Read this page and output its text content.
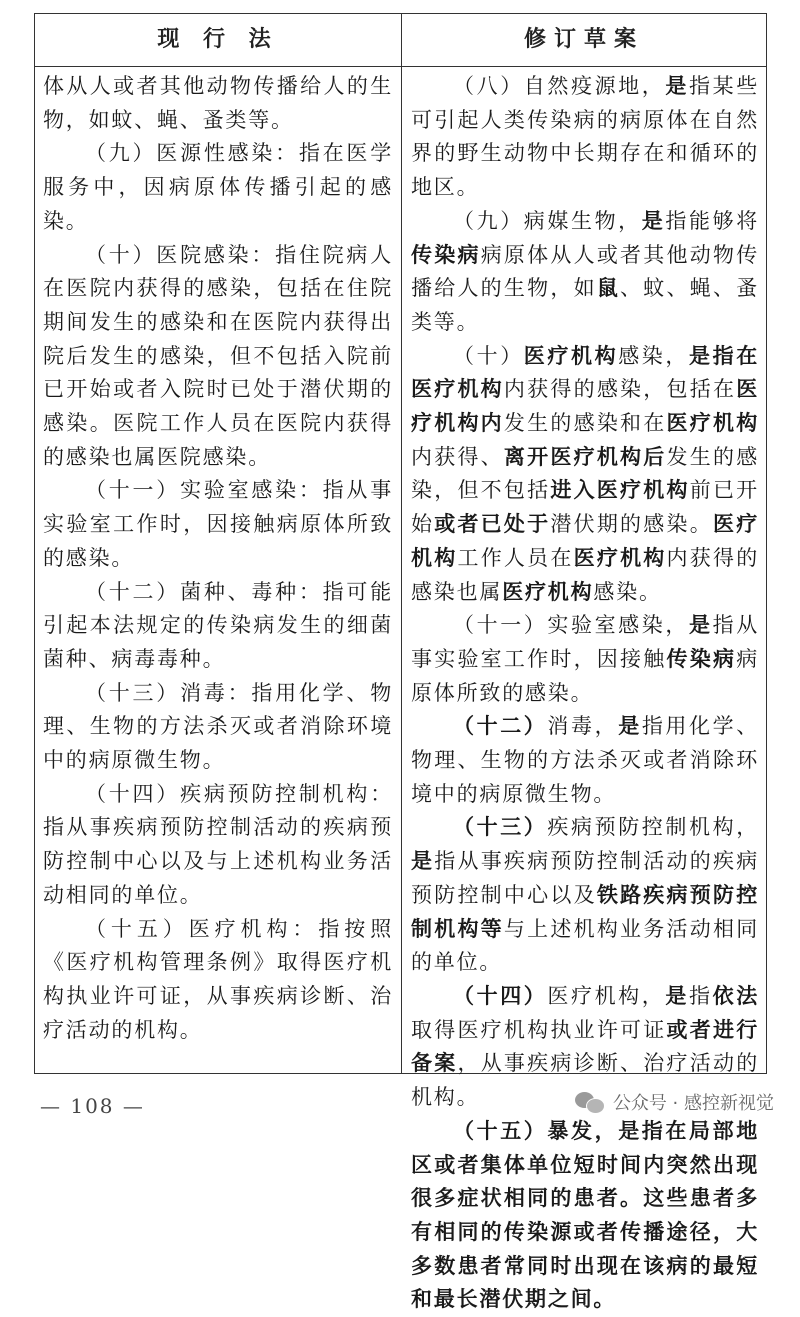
现 行 法	修订草案

体从人或者其他动物传播给人的生物，如蚊、蝇、蚤类等。

（九）医源性感染：指在医学服务中，因病原体传播引起的感染。

（十）医院感染：指住院病人在医院内获得的感染，包括在住院期间发生的感染和在医院内获得出院后发生的感染，但不包括入院前已开始或者入院时已处于潜伏期的感染。医院工作人员在医院内获得的感染也属医院感染。

（十一）实验室感染：指从事实验室工作时，因接触病原体所致的感染。

（十二）菌种、毒种：指可能引起本法规定的传染病发生的细菌菌种、病毒毒种。

（十三）消毒：指用化学、物理、生物的方法杀灭或者消除环境中的病原微生物。

（十四）疾病预防控制机构：指从事疾病预防控制活动的疾病预防控制中心以及与上述机构业务活动相同的单位。

（十五）医疗机构：指按照《医疗机构管理条例》取得医疗机构执业许可证，从事疾病诊断、治疗活动的机构。

（八）自然疫源地，是指某些可引起人类传染病的病原体在自然界的野生动物中长期存在和循环的地区。

（九）病媒生物，是指能够将传染病病原体从人或者其他动物传播给人的生物，如鼠、蚊、蝇、蚤类等。

（十）医疗机构感染，是指在医疗机构内获得的感染，包括在医疗机构内发生的感染和在医疗机构内获得、离开医疗机构后发生的感染，但不包括进入医疗机构前已开始或者已处于潜伏期的感染。医疗机构工作人员在医疗机构内获得的感染也属医疗机构感染。

（十一）实验室感染，是指从事实验室工作时，因接触传染病病原体所致的感染。

（十二）消毒，是指用化学、物理、生物的方法杀灭或者消除环境中的病原微生物。

（十三）疾病预防控制机构，是指从事疾病预防控制活动的疾病预防控制中心以及铁路疾病预防控制机构等与上述机构业务活动相同的单位。

（十四）医疗机构，是指依法取得医疗机构执业许可证或者进行备案，从事疾病诊断、治疗活动的机构。

（十五）暴发，是指在局部地区或者集体单位短时间内突然出现很多症状相同的患者。这些患者多有相同的传染源或者传播途径，大多数患者常同时出现在该病的最短和最长潜伏期之间。

— 108 —	公众号 · 感控新视觉
